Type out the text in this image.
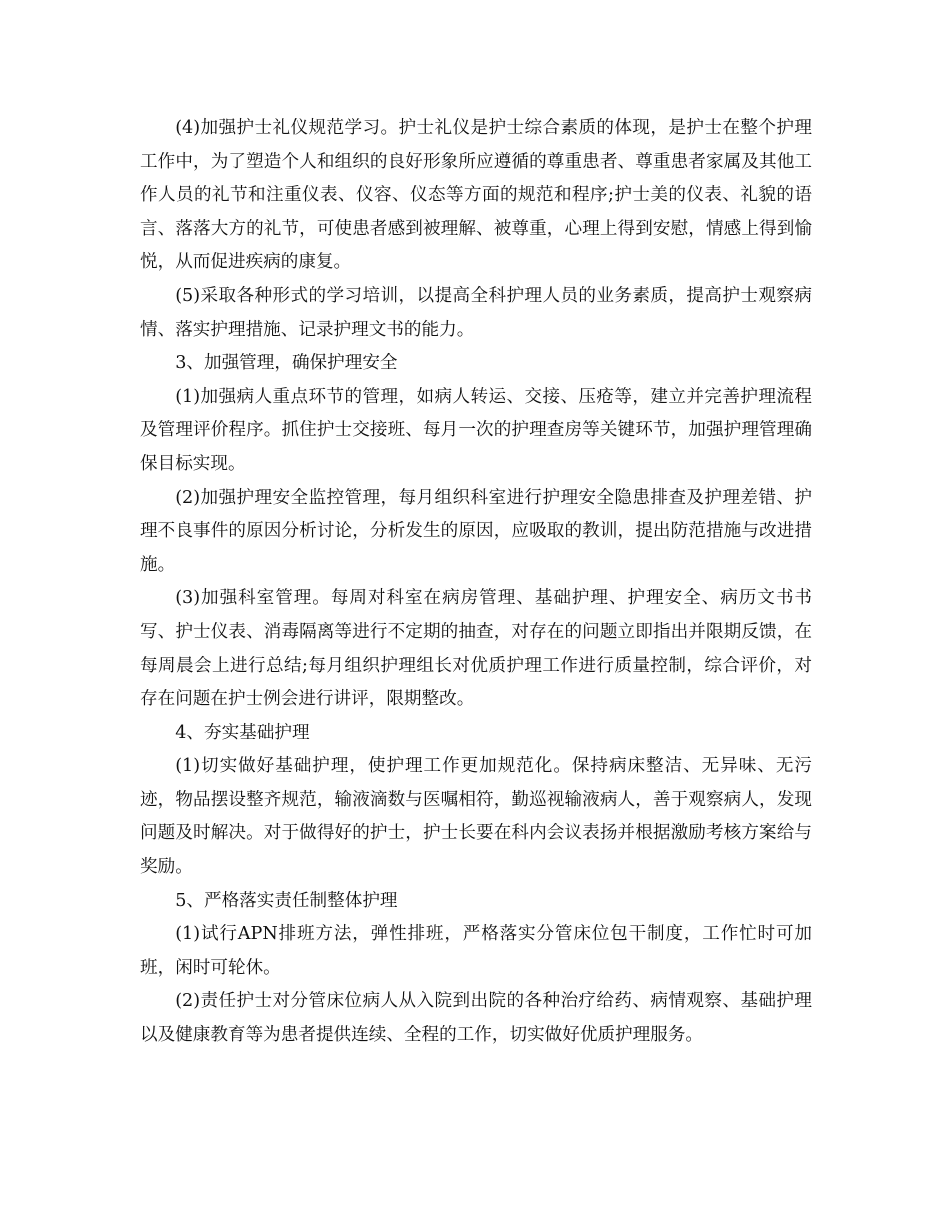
(4)加强护士礼仪规范学习。护士礼仪是护士综合素质的体现，是护士在整个护理工作中，为了塑造个人和组织的良好形象所应遵循的尊重患者、尊重患者家属及其他工作人员的礼节和注重仪表、仪容、仪态等方面的规范和程序;护士美的仪表、礼貌的语言、落落大方的礼节，可使患者感到被理解、被尊重，心理上得到安慰，情感上得到愉悦，从而促进疾病的康复。

(5)采取各种形式的学习培训，以提高全科护理人员的业务素质，提高护士观察病情、落实护理措施、记录护理文书的能力。

3、加强管理，确保护理安全

(1)加强病人重点环节的管理，如病人转运、交接、压疮等，建立并完善护理流程及管理评价程序。抓住护士交接班、每月一次的护理查房等关键环节，加强护理管理确保目标实现。

(2)加强护理安全监控管理，每月组织科室进行护理安全隐患排查及护理差错、护理不良事件的原因分析讨论，分析发生的原因，应吸取的教训，提出防范措施与改进措施。

(3)加强科室管理。每周对科室在病房管理、基础护理、护理安全、病历文书书写、护士仪表、消毒隔离等进行不定期的抽查，对存在的问题立即指出并限期反馈，在每周晨会上进行总结;每月组织护理组长对优质护理工作进行质量控制，综合评价，对存在问题在护士例会进行讲评，限期整改。

4、夯实基础护理

(1)切实做好基础护理，使护理工作更加规范化。保持病床整洁、无异味、无污迹，物品摆设整齐规范，输液滴数与医嘱相符，勤巡视输液病人，善于观察病人，发现问题及时解决。对于做得好的护士，护士长要在科内会议表扬并根据激励考核方案给与奖励。

5、严格落实责任制整体护理

(1)试行APN排班方法，弹性排班，严格落实分管床位包干制度，工作忙时可加班，闲时可轮休。

(2)责任护士对分管床位病人从入院到出院的各种治疗给药、病情观察、基础护理以及健康教育等为患者提供连续、全程的工作，切实做好优质护理服务。
